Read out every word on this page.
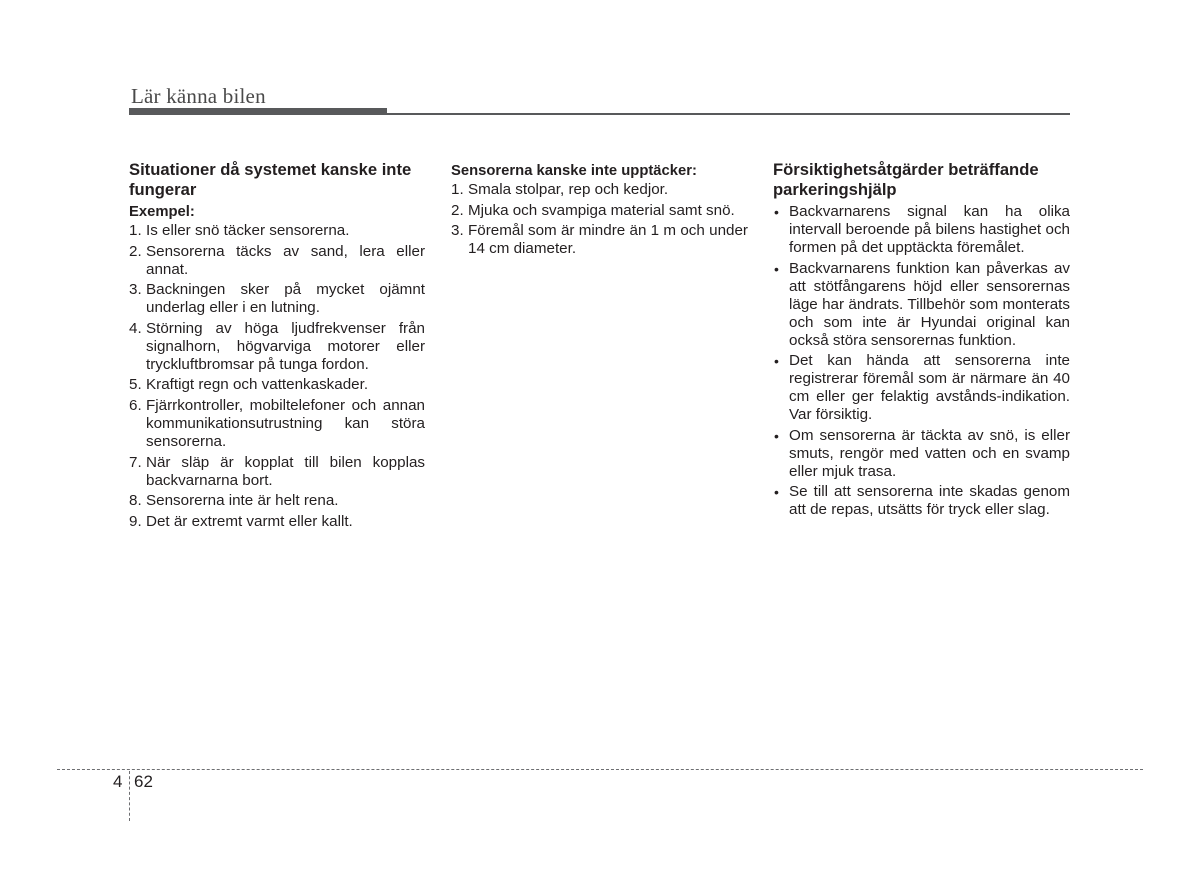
Lär känna bilen
Situationer då systemet kanske inte fungerar
Exempel:
1. Is eller snö täcker sensorerna.
2. Sensorerna täcks av sand, lera eller annat.
3. Backningen sker på mycket ojämnt underlag eller i en lutning.
4. Störning av höga ljudfrekvenser från signalhorn, högvarviga motorer eller tryckluftbromsar på tunga fordon.
5. Kraftigt regn och vattenkaskader.
6. Fjärrkontroller, mobiltelefoner och annan kommunikationsutrustning kan störa sensorerna.
7. När släp är kopplat till bilen kopplas backvarnarna bort.
8. Sensorerna inte är helt rena.
9. Det är extremt varmt eller kallt.
Sensorerna kanske inte upptäcker:
1. Smala stolpar, rep och kedjor.
2. Mjuka och svampiga material samt snö.
3. Föremål som är mindre än 1 m och under 14 cm diameter.
Försiktighetsåtgärder beträffande parkeringshjälp
• Backvarnarens signal kan ha olika intervall beroende på bilens hastighet och formen på det upptäckta föremålet.
• Backvarnarens funktion kan påverkas av att stötfångarens höjd eller sensorernas läge har ändrats. Tillbehör som monterats och som inte är Hyundai original kan också störa sensorernas funktion.
• Det kan hända att sensorerna inte registrerar föremål som är närmare än 40 cm eller ger felaktig avstånds-indikation. Var försiktig.
• Om sensorerna är täckta av snö, is eller smuts, rengör med vatten och en svamp eller mjuk trasa.
• Se till att sensorerna inte skadas genom att de repas, utsätts för tryck eller slag.
4 62
